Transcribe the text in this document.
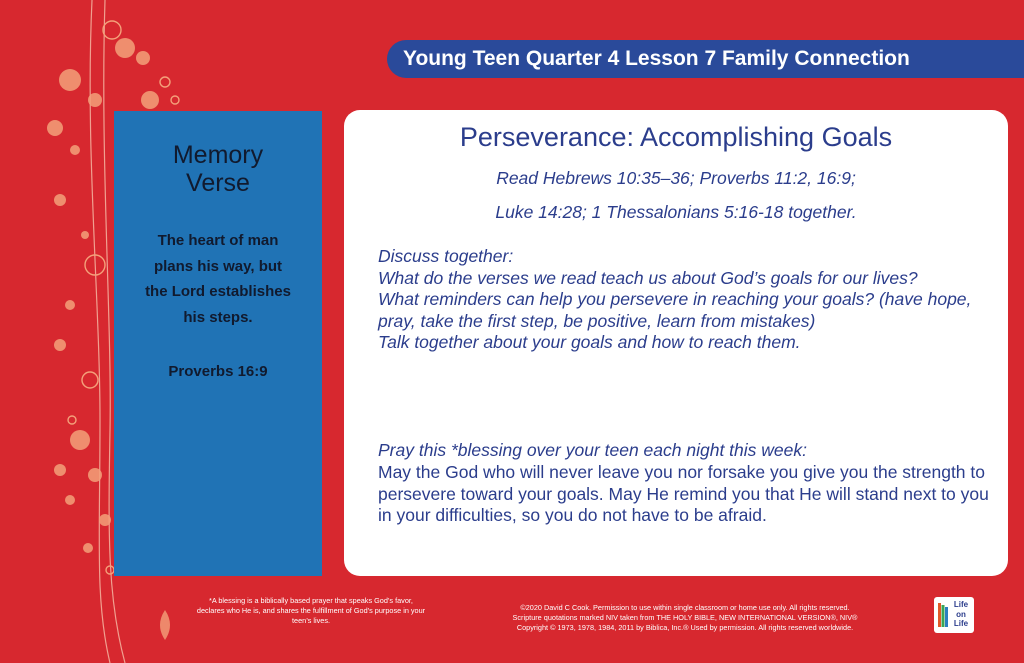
Young Teen Quarter 4 Lesson 7 Family Connection
Memory
Verse
The heart of man
plans his way, but
the Lord establishes
his steps.
Proverbs 16:9
Perseverance: Accomplishing Goals
Read Hebrews 10:35–36; Proverbs 11:2, 16:9;
Luke 14:28; 1 Thessalonians 5:16-18 together.
Discuss together:
What do the verses we read teach us about God’s goals for our lives?
What reminders can help you persevere in reaching your goals? (have hope, pray, take the first step, be positive, learn from mistakes)
Talk together about your goals and how to reach them.
Pray this *blessing over your teen each night this week:
May the God who will never leave you nor forsake you give you the strength to persevere toward your goals. May He remind you that He will stand next to you in your difficulties, so you do not have to be afraid.
*A blessing is a biblically based prayer that speaks God’s favor, declares who He is, and shares the fulfillment of God’s purpose in your teen’s lives.
©2020 David C Cook. Permission to use within single classroom or home use only. All rights reserved.
Scripture quotations marked NIV taken from THE HOLY BIBLE, NEW INTERNATIONAL VERSION®, NIV®
Copyright © 1973, 1978, 1984, 2011 by Biblica, Inc.® Used by permission. All rights reserved worldwide.
Life
on
Life
